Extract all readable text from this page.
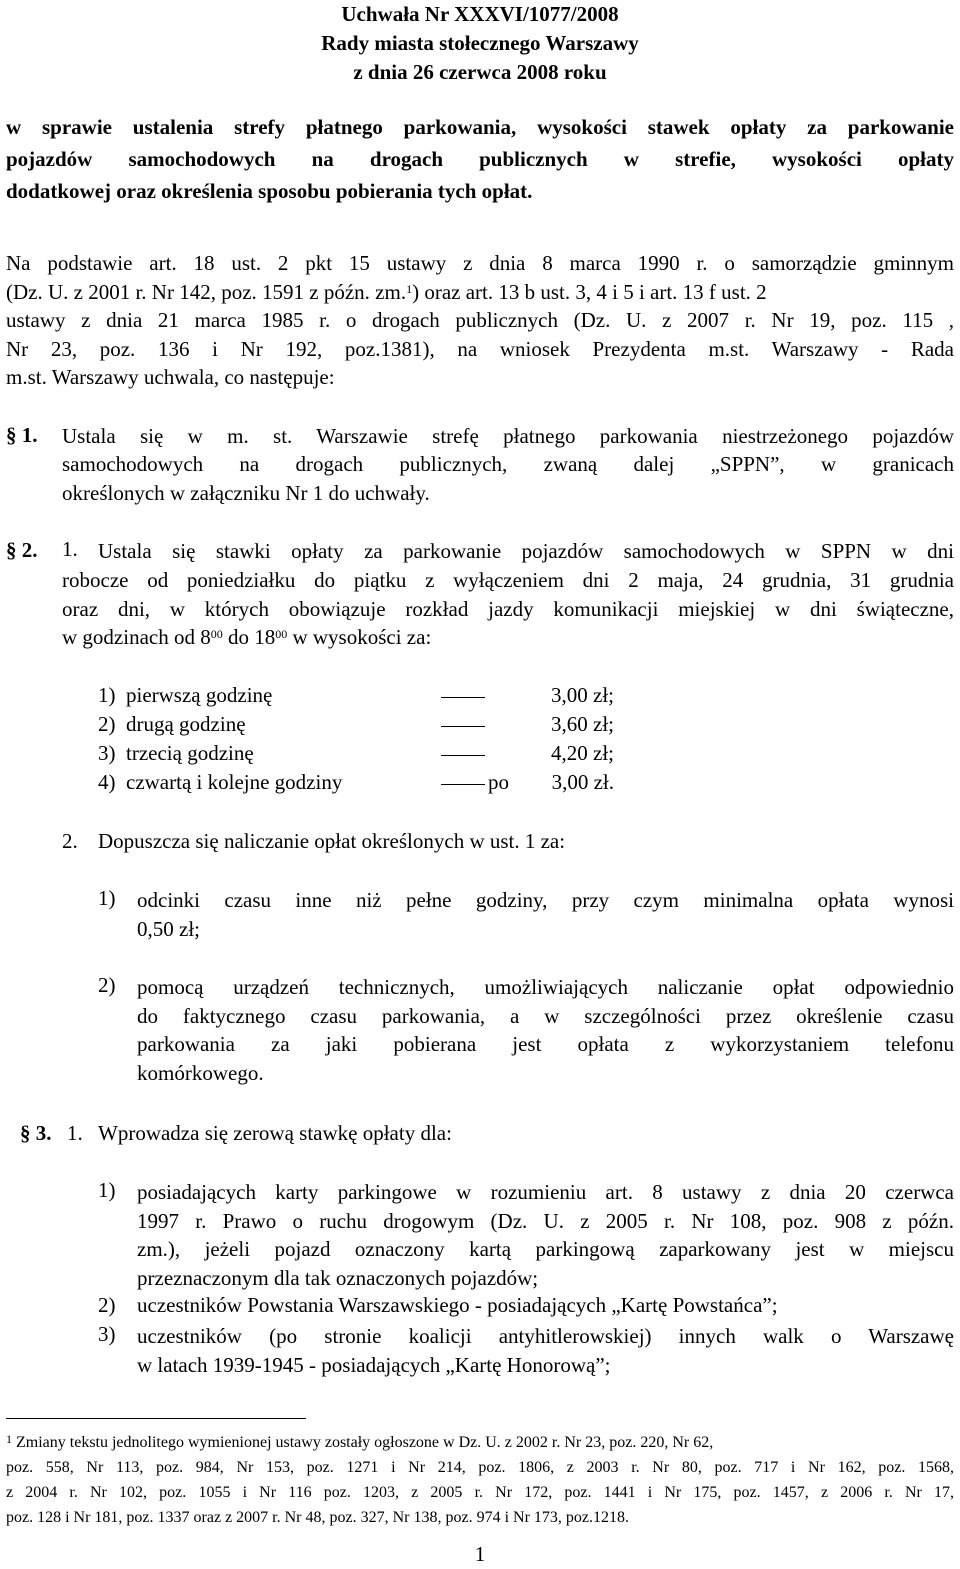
Uchwała Nr XXXVI/1077/2008
Rady miasta stołecznego Warszawy
z dnia 26 czerwca 2008 roku
w sprawie ustalenia strefy płatnego parkowania, wysokości stawek opłaty za parkowanie
pojazdów samochodowych na drogach publicznych w strefie, wysokości opłaty
dodatkowej oraz określenia sposobu pobierania tych opłat.
Na podstawie art. 18 ust. 2 pkt 15 ustawy z dnia 8 marca 1990 r. o samorządzie gminnym
(Dz. U. z 2001 r. Nr 142, poz. 1591 z późn. zm.$^1$) oraz art. 13 b ust. 3, 4 i 5 i art. 13 f ust. 2
ustawy z dnia 21 marca 1985 r. o drogach publicznych (Dz. U. z 2007 r. Nr 19, poz. 115 ,
Nr 23, poz. 136 i Nr 192, poz.1381), na wniosek Prezydenta m.st. Warszawy - Rada
m.st. Warszawy uchwala, co następuje:
§ 1. Ustala się w m. st. Warszawie strefę płatnego parkowania niestrzeżonego pojazdów
samochodowych na drogach publicznych, zwaną dalej „SPPN”, w granicach
określonych w załączniku Nr 1 do uchwały.
§ 2. 1. Ustala się stawki opłaty za parkowanie pojazdów samochodowych w SPPN w dni
robocze od poniedziałku do piątku z wyłączeniem dni 2 maja, 24 grudnia, 31 grudnia
oraz dni, w których obowiązuje rozkład jazdy komunikacji miejskiej w dni świąteczne,
w godzinach od $8^{00}$ do $18^{00}$ w wysokości za:
1)  pierwszą godzinę	3,00 zł;
2)  drugą godzinę	3,60 zł;
3)  trzecią godzinę	4,20 zł;
4)  czwartą i kolejne godziny	po 3,00 zł.
2. Dopuszcza się naliczanie opłat określonych w ust. 1 za:
1) odcinki czasu inne niż pełne godziny, przy czym minimalna opłata wynosi
0,50 zł;
2) pomocą urządzeń technicznych, umożliwiających naliczanie opłat odpowiednio
do faktycznego czasu parkowania, a w szczególności przez określenie czasu
parkowania za jaki pobierana jest opłata z wykorzystaniem telefonu
komórkowego.
§ 3. 1. Wprowadza się zerową stawkę opłaty dla:
1) posiadających karty parkingowe w rozumieniu art. 8 ustawy z dnia 20 czerwca
1997 r. Prawo o ruchu drogowym (Dz. U. z 2005 r. Nr 108, poz. 908 z późn.
zm.), jeżeli pojazd oznaczony kartą parkingową zaparkowany jest w miejscu
przeznaczonym dla tak oznaczonych pojazdów;
2) uczestników Powstania Warszawskiego - posiadających „Kartę Powstańca”;
3) uczestników (po stronie koalicji antyhitlerowskiej) innych walk o Warszawę
w latach 1939-1945 - posiadających „Kartę Honorową”;
$^1$ Zmiany tekstu jednolitego wymienionej ustawy zostały ogłoszone w Dz. U. z 2002 r. Nr 23, poz. 220, Nr 62,
poz. 558, Nr 113, poz. 984, Nr 153, poz. 1271 i Nr 214, poz. 1806, z 2003 r. Nr 80, poz. 717 i Nr 162, poz. 1568,
z 2004 r. Nr 102, poz. 1055 i Nr 116 poz. 1203, z 2005 r. Nr 172, poz. 1441 i Nr 175, poz. 1457, z 2006 r. Nr 17,
poz. 128 i Nr 181, poz. 1337 oraz z 2007 r. Nr 48, poz. 327, Nr 138, poz. 974 i Nr 173, poz.1218.
1
